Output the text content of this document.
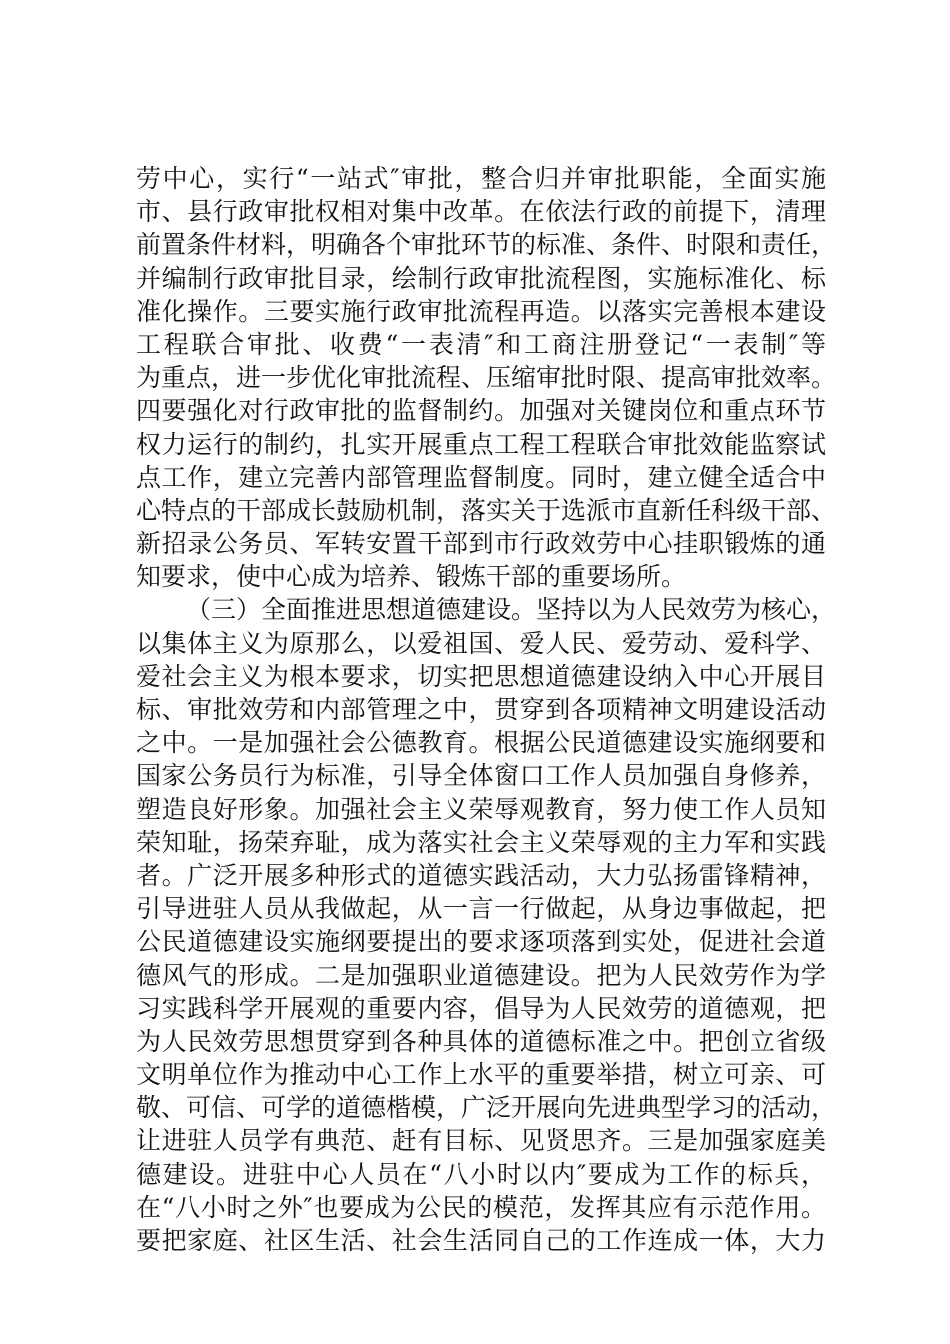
劳中心，实行“一站式″审批，整合归并审批职能，全面实施
市、县行政审批权相对集中改革。在依法行政的前提下，清理
前置条件材料，明确各个审批环节的标准、条件、时限和责任，
并编制行政审批目录，绘制行政审批流程图，实施标准化、标
准化操作。三要实施行政审批流程再造。以落实完善根本建设
工程联合审批、收费“一表清″和工商注册登记“一表制″等
为重点，进一步优化审批流程、压缩审批时限、提高审批效率。
四要强化对行政审批的监督制约。加强对关键岗位和重点环节
权力运行的制约，扎实开展重点工程工程联合审批效能监察试
点工作，建立完善内部管理监督制度。同时，建立健全适合中
心特点的干部成长鼓励机制，落实关于选派市直新任科级干部、
新招录公务员、军转安置干部到市行政效劳中心挂职锻炼的通
知要求，使中心成为培养、锻炼干部的重要场所。
（三）全面推进思想道德建设。坚持以为人民效劳为核心，
以集体主义为原那么，以爱祖国、爱人民、爱劳动、爱科学、
爱社会主义为根本要求，切实把思想道德建设纳入中心开展目
标、审批效劳和内部管理之中，贯穿到各项精神文明建设活动
之中。一是加强社会公德教育。根据公民道德建设实施纲要和
国家公务员行为标准，引导全体窗口工作人员加强自身修养，
塑造良好形象。加强社会主义荣辱观教育，努力使工作人员知
荣知耻，扬荣弃耻，成为落实社会主义荣辱观的主力军和实践
者。广泛开展多种形式的道德实践活动，大力弘扬雷锋精神，
引导进驻人员从我做起，从一言一行做起，从身边事做起，把
公民道德建设实施纲要提出的要求逐项落到实处，促进社会道
德风气的形成。二是加强职业道德建设。把为人民效劳作为学
习实践科学开展观的重要内容，倡导为人民效劳的道德观，把
为人民效劳思想贯穿到各种具体的道德标准之中。把创立省级
文明单位作为推动中心工作上水平的重要举措，树立可亲、可
敬、可信、可学的道德楷模，广泛开展向先进典型学习的活动，
让进驻人员学有典范、赶有目标、见贤思齐。三是加强家庭美
德建设。进驻中心人员在“八小时以内″要成为工作的标兵，
在“八小时之外″也要成为公民的模范，发挥其应有示范作用。
要把家庭、社区生活、社会生活同自己的工作连成一体，大力
